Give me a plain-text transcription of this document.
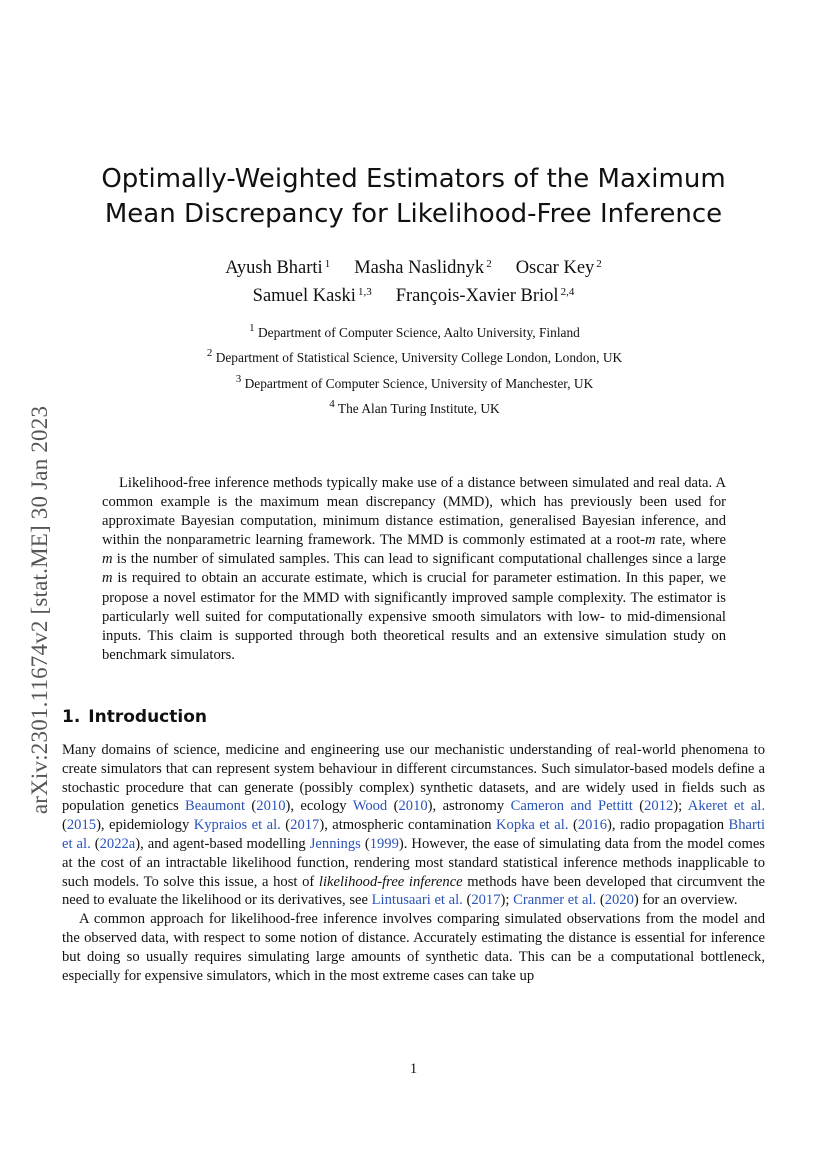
arXiv:2301.11674v2 [stat.ME] 30 Jan 2023
Optimally-Weighted Estimators of the Maximum
Mean Discrepancy for Likelihood-Free Inference
Ayush Bharti $^1$ Masha Naslidnyk $^2$ Oscar Key $^2$
Samuel Kaski $^{1,3}$ François-Xavier Briol $^{2,4}$
$^1$ Department of Computer Science, Aalto University, Finland
$^2$ Department of Statistical Science, University College London, London, UK
$^3$ Department of Computer Science, University of Manchester, UK
$^4$ The Alan Turing Institute, UK
Likelihood-free inference methods typically make use of a distance between simulated and real data. A common example is the maximum mean discrepancy (MMD), which has previously been used for approximate Bayesian computation, minimum distance estimation, generalised Bayesian inference, and within the nonparametric learning framework. The MMD is commonly estimated at a root-m rate, where m is the number of simulated samples. This can lead to significant computational challenges since a large m is required to obtain an accurate estimate, which is crucial for parameter estimation. In this paper, we propose a novel estimator for the MMD with significantly improved sample complexity. The estimator is particularly well suited for computationally expensive smooth simulators with low- to mid-dimensional inputs. This claim is supported through both theoretical results and an extensive simulation study on benchmark simulators.
1. Introduction

Many domains of science, medicine and engineering use our mechanistic understanding of real-world phenomena to create simulators that can represent system behaviour in different circumstances. Such simulator-based models define a stochastic procedure that can generate (possibly complex) synthetic datasets, and are widely used in fields such as population genetics Beaumont (2010), ecology Wood (2010), astronomy Cameron and Pettitt (2012); Akeret et al. (2015), epidemiology Kypraios et al. (2017), atmospheric contamination Kopka et al. (2016), radio propagation Bharti et al. (2022a), and agent-based modelling Jennings (1999). However, the ease of simulating data from the model comes at the cost of an intractable likelihood function, rendering most standard statistical inference methods inapplicable to such models. To solve this issue, a host of likelihood-free inference methods have been developed that circumvent the need to evaluate the likelihood or its derivatives, see Lintusaari et al. (2017); Cranmer et al. (2020) for an overview.

A common approach for likelihood-free inference involves comparing simulated observations from the model and the observed data, with respect to some notion of distance. Accurately estimating the distance is essential for inference but doing so usually requires simulating large amounts of synthetic data. This can be a computational bottleneck, especially for expensive simulators, which in the most extreme cases can take up

1
